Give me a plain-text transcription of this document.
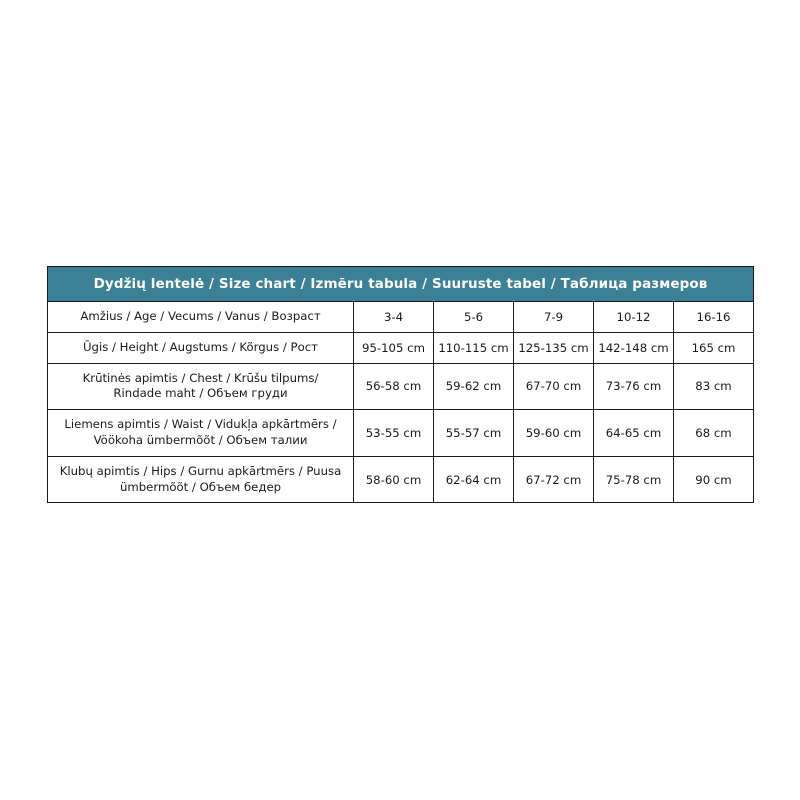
Dydžių lentelė / Size chart / Izmēru tabula / Suuruste tabel / Таблица размеров					
Amžius / Age / Vecums / Vanus / Возраст	3-4	5-6	7-9	10-12	16-16
Ūgis / Height / Augstums / Kõrgus / Рост	95-105 cm	110-115 cm	125-135 cm	142-148 cm	165 cm
Krūtinės apimtis / Chest / Krūšu tilpums/ Rindade maht / Объем груди	56-58 cm	59-62 cm	67-70 cm	73-76 cm	83 cm
Liemens apimtis / Waist / Vidukļa apkārtmērs / Vöökoha ümbermõõt / Объем талии	53-55 cm	55-57 cm	59-60 cm	64-65 cm	68 cm
Klubų apimtis / Hips / Gurnu apkārtmērs / Puusa ümbermõõt / Объем бедер	58-60 cm	62-64 cm	67-72 cm	75-78 cm	90 cm
